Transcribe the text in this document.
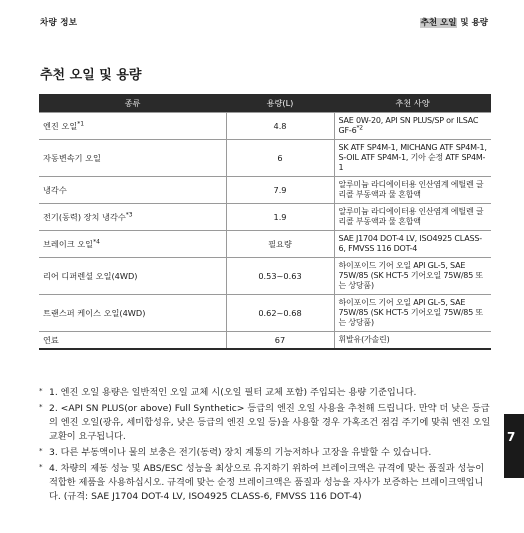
차량 정보	추천 오일 및 용량
추천 오일 및 용량
종류	용량(L)	추천 사양
엔진 오일$^{*1}$	4.8	SAE 0W-20, API SN PLUS/SP or ILSAC GF-6$^{*2}$
자동변속기 오일	6	SK ATF SP4M-1, MICHANG ATF SP4M-1, S-OIL ATF SP4M-1, 기아 순정 ATF SP4M-1
냉각수	7.9	알루미늄 라디에이터용 인산염계 에틸렌 글리콜 부동액과 물 혼합액
전기(동력) 장치 냉각수$^{*3}$	1.9	알루미늄 라디에이터용 인산염계 에틸렌 글리콜 부동액과 물 혼합액
브레이크 오일$^{*4}$	필요량	SAE J1704 DOT-4 LV, ISO4925 CLASS-6, FMVSS 116 DOT-4
리어 디퍼렌셜 오일(4WD)	0.53~0.63	하이포이드 기어 오일 API GL-5, SAE 75W/85 (SK HCT-5 기어오일 75W/85 또는 상당품)
트랜스퍼 케이스 오일(4WD)	0.62~0.68	하이포이드 기어 오일 API GL-5, SAE 75W/85 (SK HCT-5 기어오일 75W/85 또는 상당품)
연료	67	휘발유(가솔린)
* 1. 엔진 오일 용량은 일반적인 오일 교체 시(오일 필터 교체 포함) 주입되는 용량 기준입니다.
* 2. <API SN PLUS(or above) Full Synthetic> 등급의 엔진 오일 사용을 추천해 드립니다. 만약 더 낮은 등급의 엔진 오일(광유, 세미합성유, 낮은 등급의 엔진 오일 등)을 사용할 경우 가혹조건 점검 주기에 맞춰 엔진 오일 교환이 요구됩니다.
* 3. 다른 부동액이나 물의 보충은 전기(동력) 장치 계통의 기능저하나 고장을 유발할 수 있습니다.
* 4. 차량의 제동 성능 및 ABS/ESC 성능을 최상으로 유지하기 위하여 브레이크액은 규격에 맞는 품질과 성능이 적합한 제품을 사용하십시오. 규격에 맞는 순정 브레이크액은 품질과 성능을 자사가 보증하는 브레이크액입니다. (규격: SAE J1704 DOT-4 LV, ISO4925 CLASS-6, FMVSS 116 DOT-4)
7
